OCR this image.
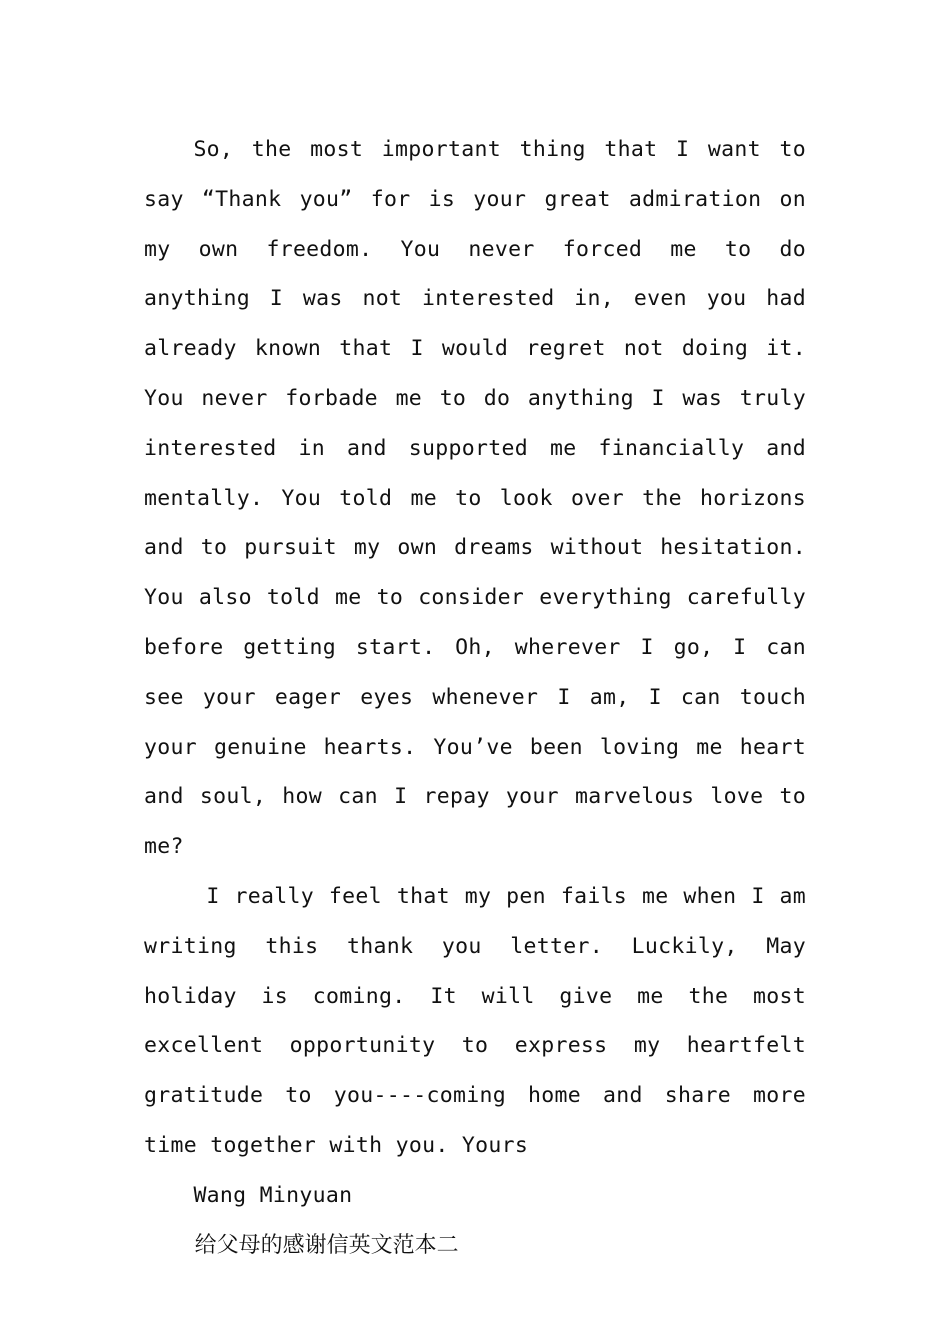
So, the most important thing that I want to say “Thank you” for is your great admiration on my own freedom. You never forced me to do anything I was not interested in, even you had already known that I would regret not doing it. You never forbade me to do anything I was truly interested in and supported me financially and mentally. You told me to look over the horizons and to pursuit my own dreams without hesitation. You also told me to consider everything carefully before getting start. Oh, wherever I go, I can see your eager eyes whenever I am, I can touch your genuine hearts. You’ve been loving me heart and soul, how can I repay your marvelous love to me?

I really feel that my pen fails me when I am writing this thank you letter. Luckily, May holiday is coming. It will give me the most excellent opportunity to express my heartfelt gratitude to you----coming home and share more time together with you. Yours

Wang Minyuan

给父母的感谢信英文范本二
